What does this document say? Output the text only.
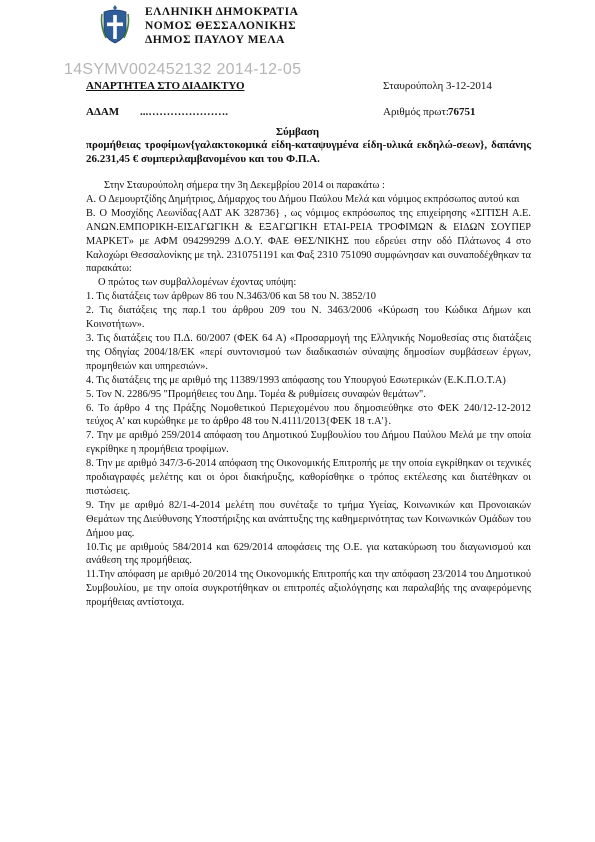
ΕΛΛΗΝΙΚΗ ΔΗΜΟΚΡΑΤΙΑ
ΝΟΜΟΣ ΘΕΣΣΑΛΟΝΙΚΗΣ
ΔΗΜΟΣ ΠΑΥΛΟΥ ΜΕΛΑ
14SYMV002452132 2014-12-05
ΑΝΑΡΤΗΤΕΑ ΣΤΟ ΔΙΑΔΙΚΤΥΟ	Σταυρούπολη 3-12-2014
ΑΔΑΜ ...………………….	Αριθμός πρωτ: 76751
Σύμβαση
προμήθειας τροφίμων{γαλακτοκομικά είδη-καταψυγμένα είδη-υλικά εκδηλώ-σεων}, δαπάνης 26.231,45 € συμπεριλαμβανομένου και του Φ.Π.Α.

Στην Σταυρούπολη σήμερα την 3η Δεκεμβρίου 2014 οι παρακάτω :

Α. Ο Δεμουρτζίδης Δημήτριος, Δήμαρχος του Δήμου Παύλου Μελά και νόμιμος εκπρόσωπος αυτού και

Β. Ο Μοσχίδης Λεωνίδας{ΑΔΤ ΑΚ 328736} , ως νόμιμος εκπρόσωπος της επιχείρησης «ΣΙΤΙΣΗ Α.Ε. ΑΝΩΝ.ΕΜΠΟΡΙΚΗ-ΕΙΣΑΓΩΓΙΚΗ & ΕΞΑΓΩΓΙΚΗ ΕΤΑΙ-ΡΕΙΑ ΤΡΟΦΙΜΩΝ & ΕΙΔΩΝ ΣΟΥΠΕΡ ΜΑΡΚΕΤ» με ΑΦΜ 094299299 Δ.Ο.Υ. ΦΑΕ ΘΕΣ/ΝΙΚΗΣ που εδρεύει στην οδό Πλάτωνος 4 στο Καλοχώρι Θεσσαλονίκης με τηλ. 2310751191 και Φαξ 2310 751090 συμφώνησαν και συναποδέχθηκαν τα παρακάτω:

Ο πρώτος των συμβαλλομένων έχοντας υπόψη:

1. Τις διατάξεις των άρθρων 86 του Ν.3463/06 και 58 του Ν. 3852/10

2. Τις διατάξεις της παρ.1 του άρθρου 209 του Ν. 3463/2006 «Κύρωση του Κώδικα Δήμων και Κοινοτήτων».

3. Τις διατάξεις του Π.Δ. 60/2007 (ΦΕΚ 64 Α) «Προσαρμογή της Ελληνικής Νομοθεσίας στις διατάξεις της Οδηγίας 2004/18/ΕΚ «περί συντονισμού των διαδικασιών σύναψης δημοσίων συμβάσεων έργων, προμηθειών και υπηρεσιών».

4. Τις διατάξεις της με αριθμό της 11389/1993 απόφασης του Υπουργού Εσωτερικών (Ε.Κ.Π.Ο.Τ.Α)

5. Τον Ν. 2286/95 "Προμήθειες του Δημ. Τομέα & ρυθμίσεις συναφών θεμάτων".

6. Το άρθρο 4 της Πράξης Νομοθετικού Περιεχομένου που δημοσιεύθηκε στο ΦΕΚ 240/12-12-2012 τεύχος Α' και κυρώθηκε με το άρθρο 48 του Ν.4111/2013{ΦΕΚ 18 τ.Α'}.

7. Την με αριθμό 259/2014 απόφαση του Δημοτικού Συμβουλίου του Δήμου Παύλου Μελά με την οποία εγκρίθηκε η προμήθεια τροφίμων.

8. Την με αριθμό 347/3-6-2014 απόφαση της Οικονομικής Επιτροπής με την οποία εγκρίθηκαν οι τεχνικές προδιαγραφές μελέτης και οι όροι διακήρυξης, καθορίσθηκε ο τρόπος εκτέλεσης και διατέθηκαν οι πιστώσεις.

9. Την με αριθμό 82/1-4-2014 μελέτη που συνέταξε το τμήμα Υγείας, Κοινωνικών και Προνοιακών Θεμάτων της Διεύθυνσης Υποστήριξης και ανάπτυξης της καθημερινότητας των Κοινωνικών Ομάδων του Δήμου μας.

10.Τις με αριθμούς 584/2014 και 629/2014 αποφάσεις της Ο.Ε. για κατακύρωση του διαγωνισμού και ανάθεση της προμήθειας.

11.Την απόφαση με αριθμό 20/2014 της Οικονομικής Επιτροπής και την απόφαση 23/2014 του Δημοτικού Συμβουλίου, με την οποία συγκροτήθηκαν οι επιτροπές αξιολόγησης και παραλαβής της αναφερόμενης προμήθειας αντίστοιχα.
